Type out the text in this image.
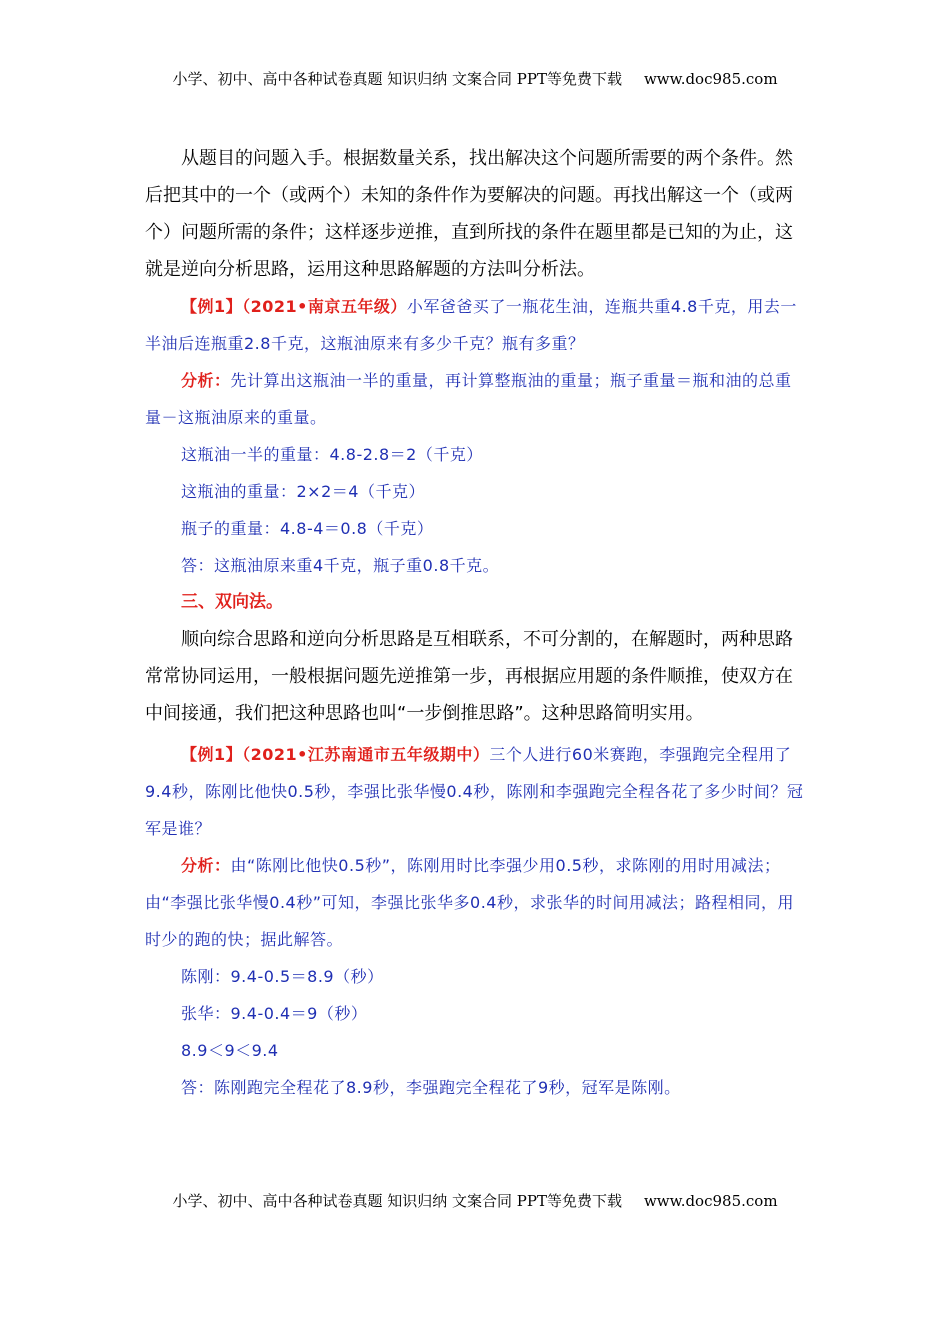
小学、初中、高中各种试卷真题 知识归纳 文案合同 PPT等免费下载 www.doc985.com

从题目的问题入手。根据数量关系，找出解决这个问题所需要的两个条件。然后把其中的一个（或两个）未知的条件作为要解决的问题。再找出解这一个（或两个）问题所需的条件；这样逐步逆推，直到所找的条件在题里都是已知的为止，这就是逆向分析思路，运用这种思路解题的方法叫分析法。

【例1】（2021•南京五年级）小军爸爸买了一瓶花生油，连瓶共重4.8千克，用去一半油后连瓶重2.8千克，这瓶油原来有多少千克？瓶有多重？

分析：先计算出这瓶油一半的重量，再计算整瓶油的重量；瓶子重量＝瓶和油的总重量－这瓶油原来的重量。

这瓶油一半的重量：4.8-2.8＝2（千克）

这瓶油的重量：2×2＝4（千克）

瓶子的重量：4.8-4＝0.8（千克）

答：这瓶油原来重4千克，瓶子重0.8千克。

三、双向法。

顺向综合思路和逆向分析思路是互相联系，不可分割的，在解题时，两种思路常常协同运用，一般根据问题先逆推第一步，再根据应用题的条件顺推，使双方在中间接通，我们把这种思路也叫“一步倒推思路”。这种思路简明实用。

【例1】（2021•江苏南通市五年级期中）三个人进行60米赛跑，李强跑完全程用了9.4秒，陈刚比他快0.5秒，李强比张华慢0.4秒，陈刚和李强跑完全程各花了多少时间？冠军是谁？

分析：由“陈刚比他快0.5秒”，陈刚用时比李强少用0.5秒，求陈刚的用时用减法；由“李强比张华慢0.4秒”可知，李强比张华多0.4秒，求张华的时间用减法；路程相同，用时少的跑的快；据此解答。

陈刚：9.4-0.5＝8.9（秒）

张华：9.4-0.4＝9（秒）

8.9＜9＜9.4

答：陈刚跑完全程花了8.9秒，李强跑完全程花了9秒，冠军是陈刚。

小学、初中、高中各种试卷真题 知识归纳 文案合同 PPT等免费下载 www.doc985.com
